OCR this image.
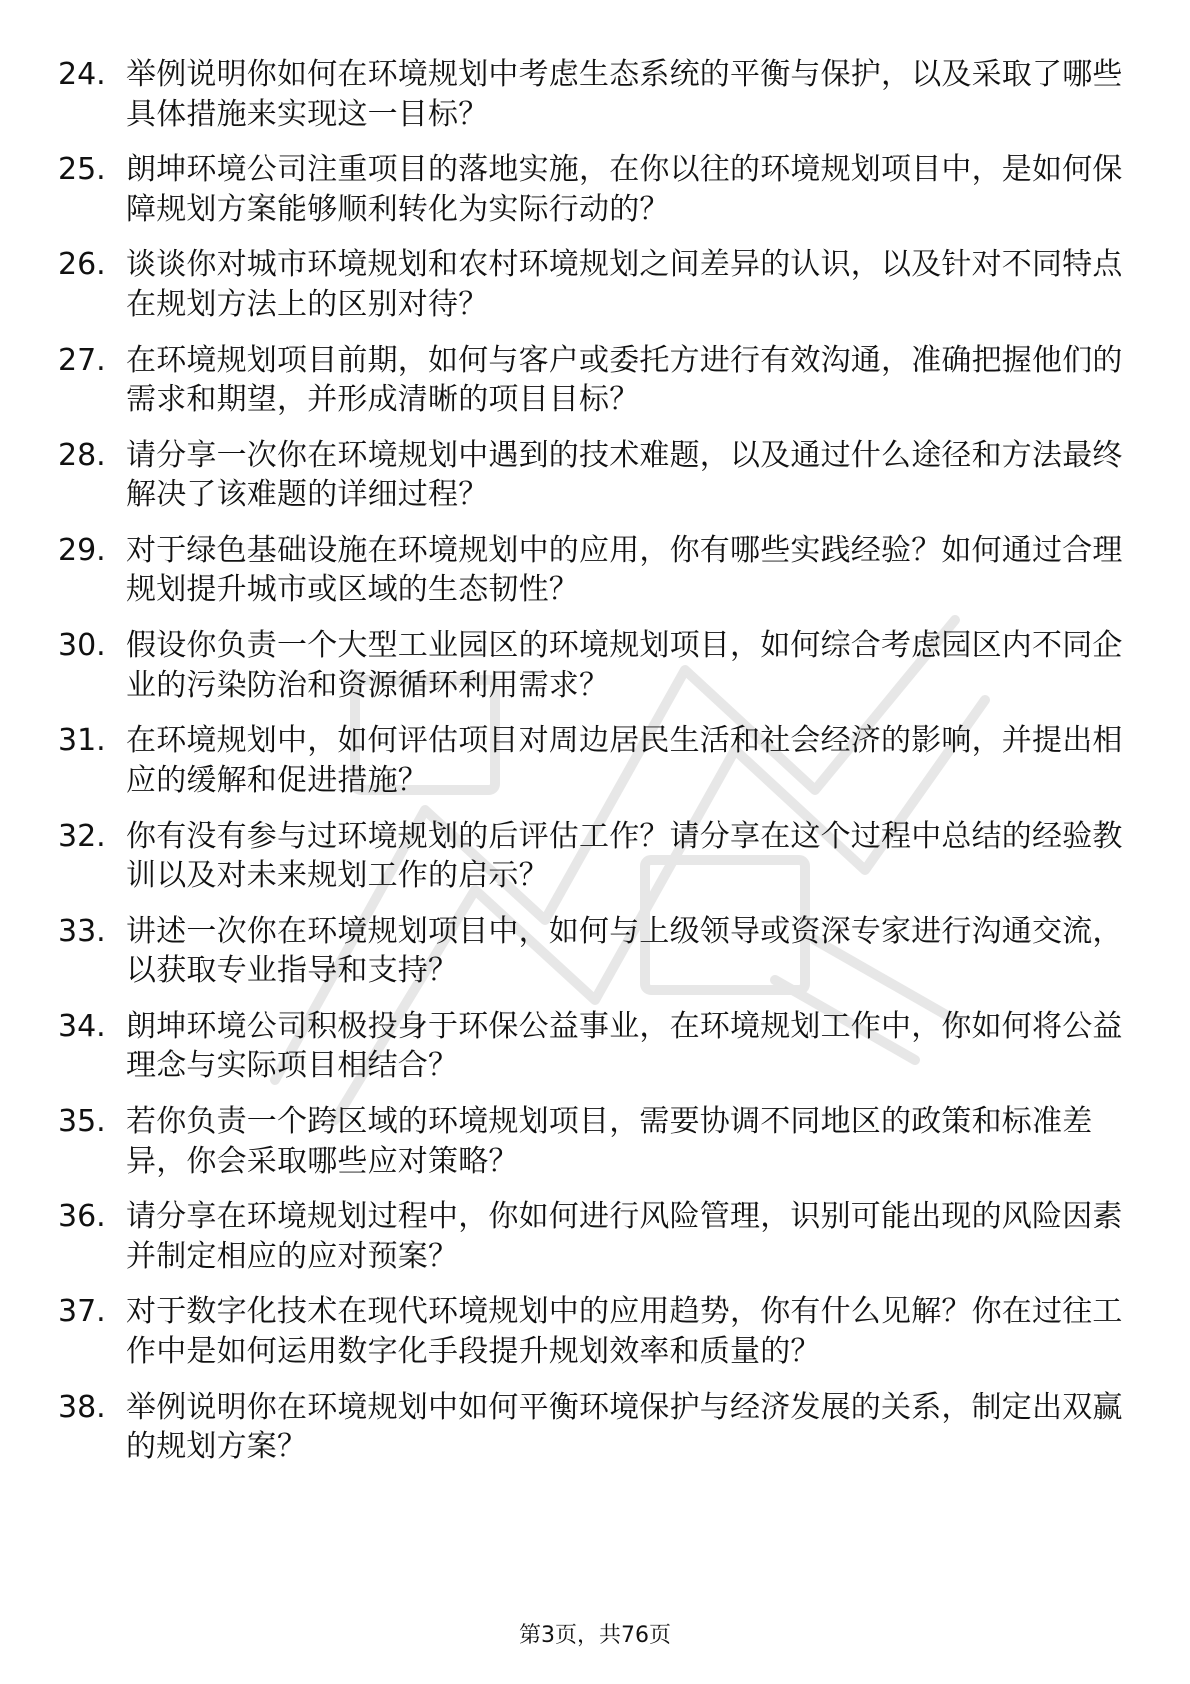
24. 举例说明你如何在环境规划中考虑生态系统的平衡与保护，以及采取了哪些具体措施来实现这一目标？
25. 朗坤环境公司注重项目的落地实施，在你以往的环境规划项目中，是如何保障规划方案能够顺利转化为实际行动的？
26. 谈谈你对城市环境规划和农村环境规划之间差异的认识，以及针对不同特点在规划方法上的区别对待？
27. 在环境规划项目前期，如何与客户或委托方进行有效沟通，准确把握他们的需求和期望，并形成清晰的项目目标？
28. 请分享一次你在环境规划中遇到的技术难题，以及通过什么途径和方法最终解决了该难题的详细过程？
29. 对于绿色基础设施在环境规划中的应用，你有哪些实践经验？如何通过合理规划提升城市或区域的生态韧性？
30. 假设你负责一个大型工业园区的环境规划项目，如何综合考虑园区内不同企业的污染防治和资源循环利用需求？
31. 在环境规划中，如何评估项目对周边居民生活和社会经济的影响，并提出相应的缓解和促进措施？
32. 你有没有参与过环境规划的后评估工作？请分享在这个过程中总结的经验教训以及对未来规划工作的启示？
33. 讲述一次你在环境规划项目中，如何与上级领导或资深专家进行沟通交流，以获取专业指导和支持？
34. 朗坤环境公司积极投身于环保公益事业，在环境规划工作中，你如何将公益理念与实际项目相结合？
35. 若你负责一个跨区域的环境规划项目，需要协调不同地区的政策和标准差异，你会采取哪些应对策略？
36. 请分享在环境规划过程中，你如何进行风险管理，识别可能出现的风险因素并制定相应的应对预案？
37. 对于数字化技术在现代环境规划中的应用趋势，你有什么见解？你在过往工作中是如何运用数字化手段提升规划效率和质量的？
38. 举例说明你在环境规划中如何平衡环境保护与经济发展的关系，制定出双赢的规划方案？
第3页，共76页
